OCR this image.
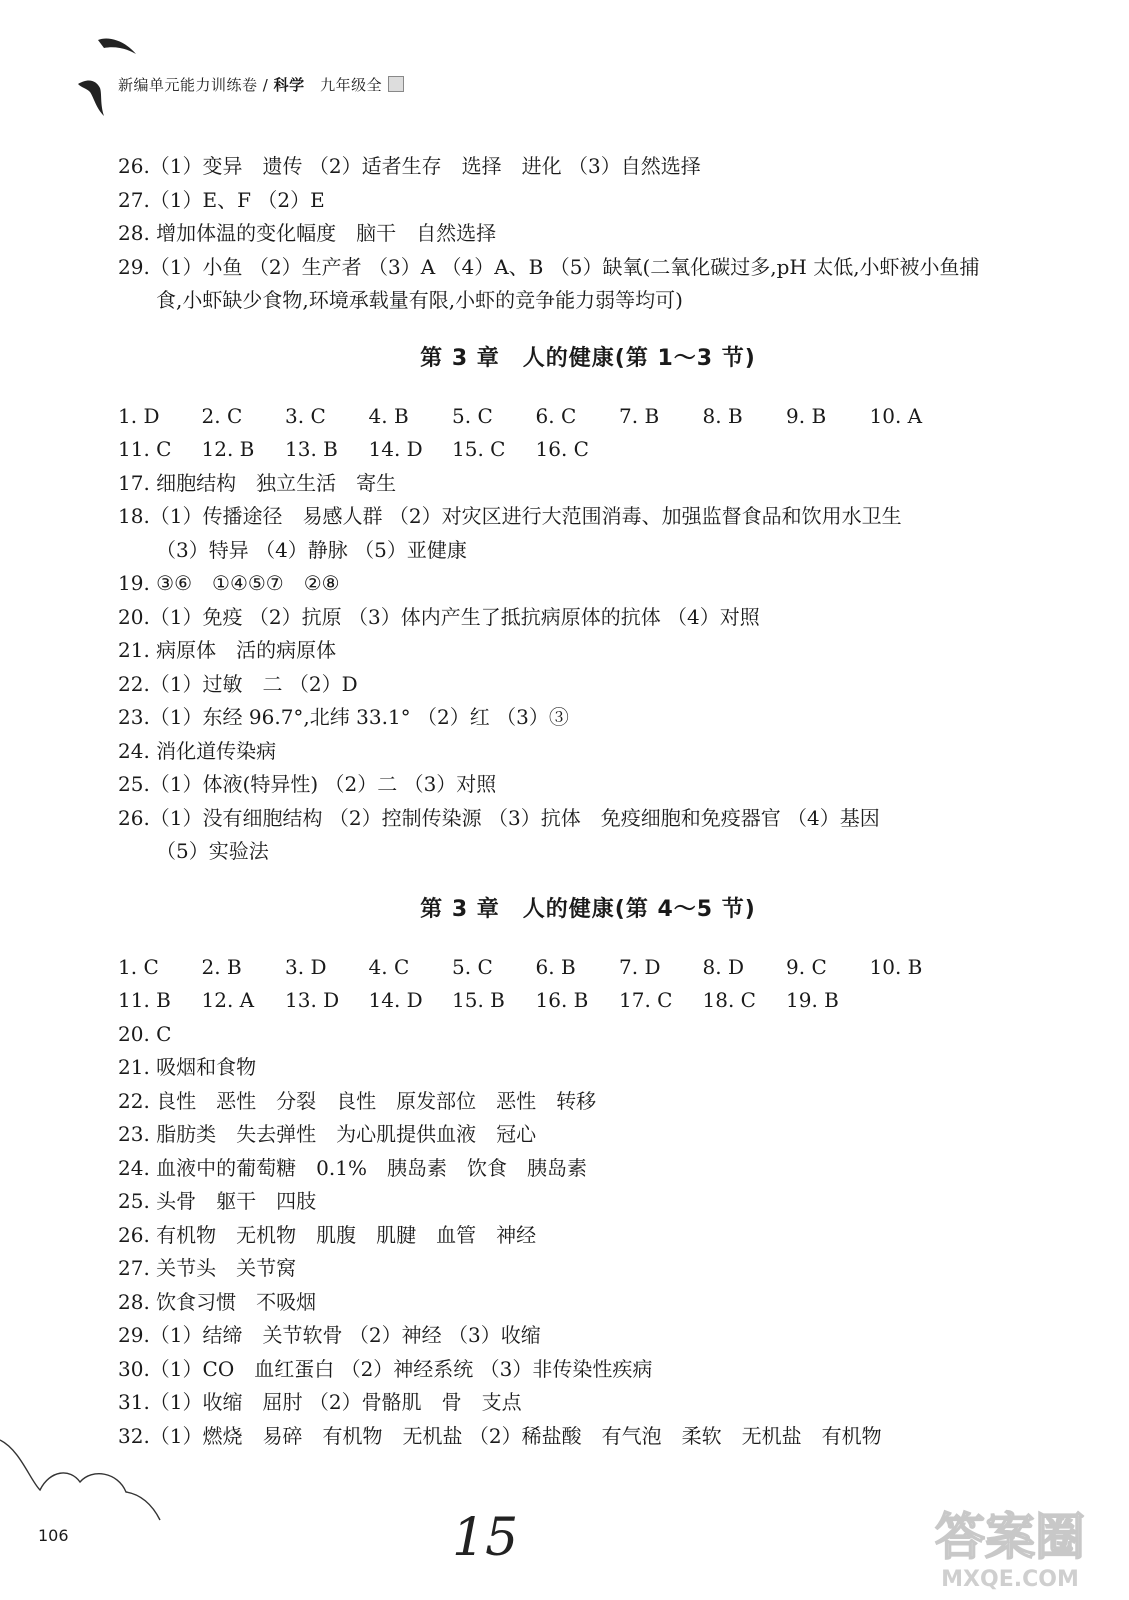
新编单元能力训练卷 / 科学　 九年级全
26.（1）变异　遗传 （2）适者生存　选择　进化 （3）自然选择
27.（1）E、F （2）E
28. 增加体温的变化幅度　脑干　自然选择
29.（1）小鱼 （2）生产者 （3）A （4）A、B （5）缺氧(二氧化碳过多,pH 太低,小虾被小鱼捕
食,小虾缺少食物,环境承载量有限,小虾的竞争能力弱等均可)
第 3 章　人的健康(第 1～3 节)
1. D	2. C	3. C	4. B	5. C	6. C	7. B	8. B	9. B	10. A
11. C	12. B	13. B	14. D	15. C	16. C
17. 细胞结构　独立生活　寄生
18.（1）传播途径　易感人群 （2）对灾区进行大范围消毒、加强监督食品和饮用水卫生
（3）特异 （4）静脉 （5）亚健康
19. ③⑥　①④⑤⑦　②⑧
20.（1）免疫 （2）抗原 （3）体内产生了抵抗病原体的抗体 （4）对照
21. 病原体　活的病原体
22.（1）过敏　二 （2）D
23.（1）东经 96.7°,北纬 33.1° （2）红 （3）③
24. 消化道传染病
25.（1）体液(特异性) （2）二 （3）对照
26.（1）没有细胞结构 （2）控制传染源 （3）抗体　免疫细胞和免疫器官 （4）基因
（5）实验法
第 3 章　人的健康(第 4～5 节)
1. C	2. B	3. D	4. C	5. C	6. B	7. D	8. D	9. C	10. B
11. B	12. A	13. D	14. D	15. B	16. B	17. C	18. C	19. B
20. C
21. 吸烟和食物
22. 良性　恶性　分裂　良性　原发部位　恶性　转移
23. 脂肪类　失去弹性　为心肌提供血液　冠心
24. 血液中的葡萄糖　0.1%　胰岛素　饮食　胰岛素
25. 头骨　躯干　四肢
26. 有机物　无机物　肌腹　肌腱　血管　神经
27. 关节头　关节窝
28. 饮食习惯　不吸烟
29.（1）结缔　关节软骨 （2）神经 （3）收缩
30.（1）CO　血红蛋白 （2）神经系统 （3）非传染性疾病
31.（1）收缩　屈肘 （2）骨骼肌　骨　支点
32.（1）燃烧　易碎　有机物　无机盐 （2）稀盐酸　有气泡　柔软　无机盐　有机物
106	15	答案圈
MXQE.COM
